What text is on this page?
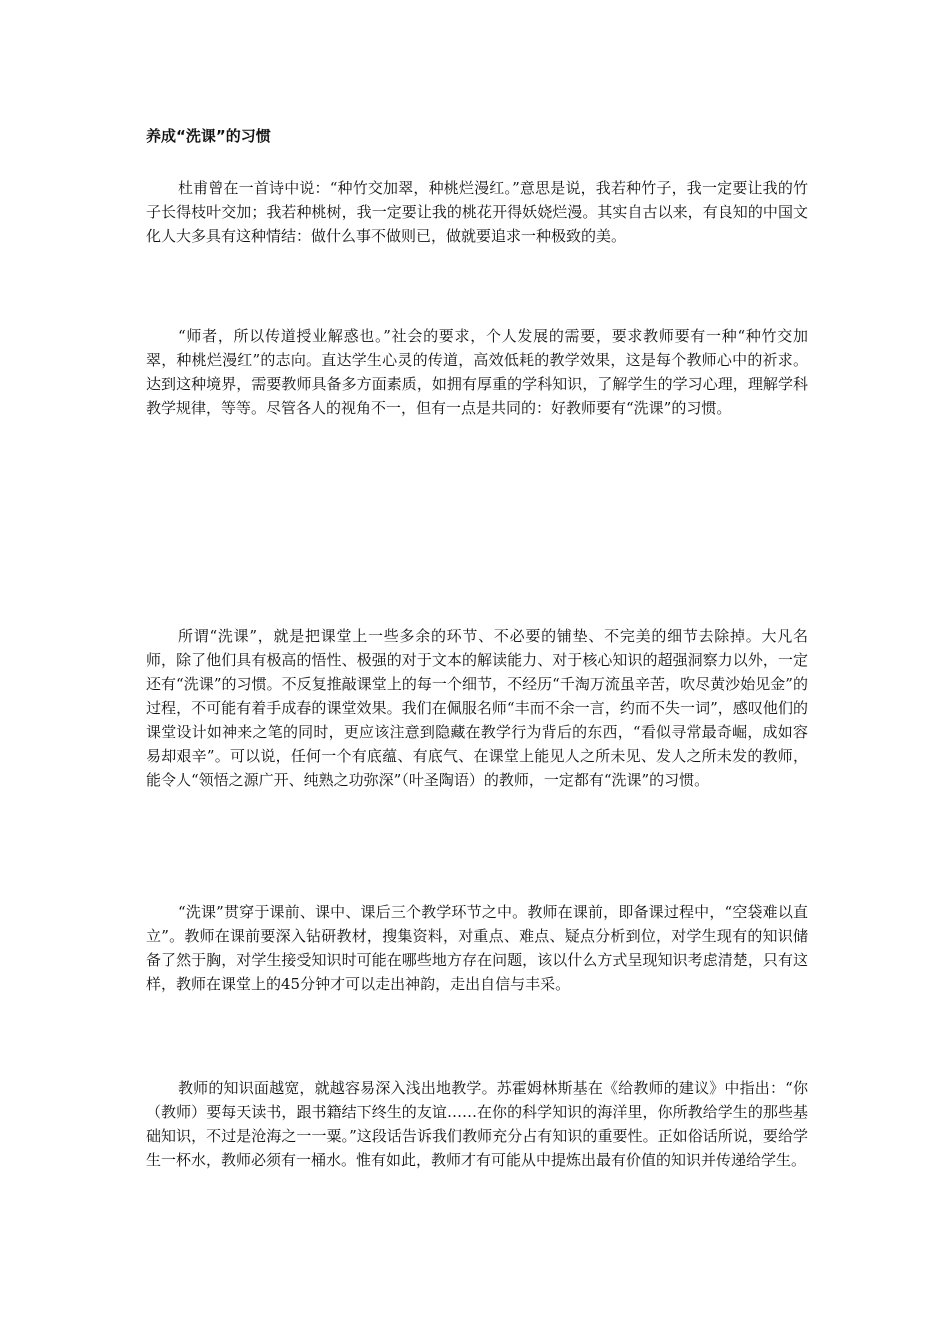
养成“洗课”的习惯

杜甫曾在一首诗中说：“种竹交加翠，种桃烂漫红。”意思是说，我若种竹子，我一定要让我的竹子长得枝叶交加；我若种桃树，我一定要让我的桃花开得妖娆烂漫。其实自古以来，有良知的中国文化人大多具有这种情结：做什么事不做则已，做就要追求一种极致的美。

“师者，所以传道授业解惑也。”社会的要求，个人发展的需要，要求教师要有一种“种竹交加翠，种桃烂漫红”的志向。直达学生心灵的传道，高效低耗的教学效果，这是每个教师心中的祈求。达到这种境界，需要教师具备多方面素质，如拥有厚重的学科知识，了解学生的学习心理，理解学科教学规律，等等。尽管各人的视角不一，但有一点是共同的：好教师要有“洗课”的习惯。

所谓“洗课”，就是把课堂上一些多余的环节、不必要的铺垫、不完美的细节去除掉。大凡名师，除了他们具有极高的悟性、极强的对于文本的解读能力、对于核心知识的超强洞察力以外，一定还有“洗课”的习惯。不反复推敲课堂上的每一个细节，不经历“千淘万流虽辛苦，吹尽黄沙始见金”的过程，不可能有着手成春的课堂效果。我们在佩服名师“丰而不余一言，约而不失一词”，感叹他们的课堂设计如神来之笔的同时，更应该注意到隐藏在教学行为背后的东西，“看似寻常最奇崛，成如容易却艰辛”。可以说，任何一个有底蕴、有底气、在课堂上能见人之所未见、发人之所未发的教师，能令人“领悟之源广开、纯熟之功弥深”（叶圣陶语）的教师，一定都有“洗课”的习惯。

“洗课”贯穿于课前、课中、课后三个教学环节之中。教师在课前，即备课过程中，“空袋难以直立”。教师在课前要深入钻研教材，搜集资料，对重点、难点、疑点分析到位，对学生现有的知识储备了然于胸，对学生接受知识时可能在哪些地方存在问题，该以什么方式呈现知识考虑清楚，只有这样，教师在课堂上的45分钟才可以走出神韵，走出自信与丰采。

教师的知识面越宽，就越容易深入浅出地教学。苏霍姆林斯基在《给教师的建议》中指出：“你（教师）要每天读书，跟书籍结下终生的友谊……在你的科学知识的海洋里，你所教给学生的那些基础知识，不过是沧海之一一粟。”这段话告诉我们教师充分占有知识的重要性。正如俗话所说，要给学生一杯水，教师必须有一桶水。惟有如此，教师才有可能从中提炼出最有价值的知识并传递给学生。
